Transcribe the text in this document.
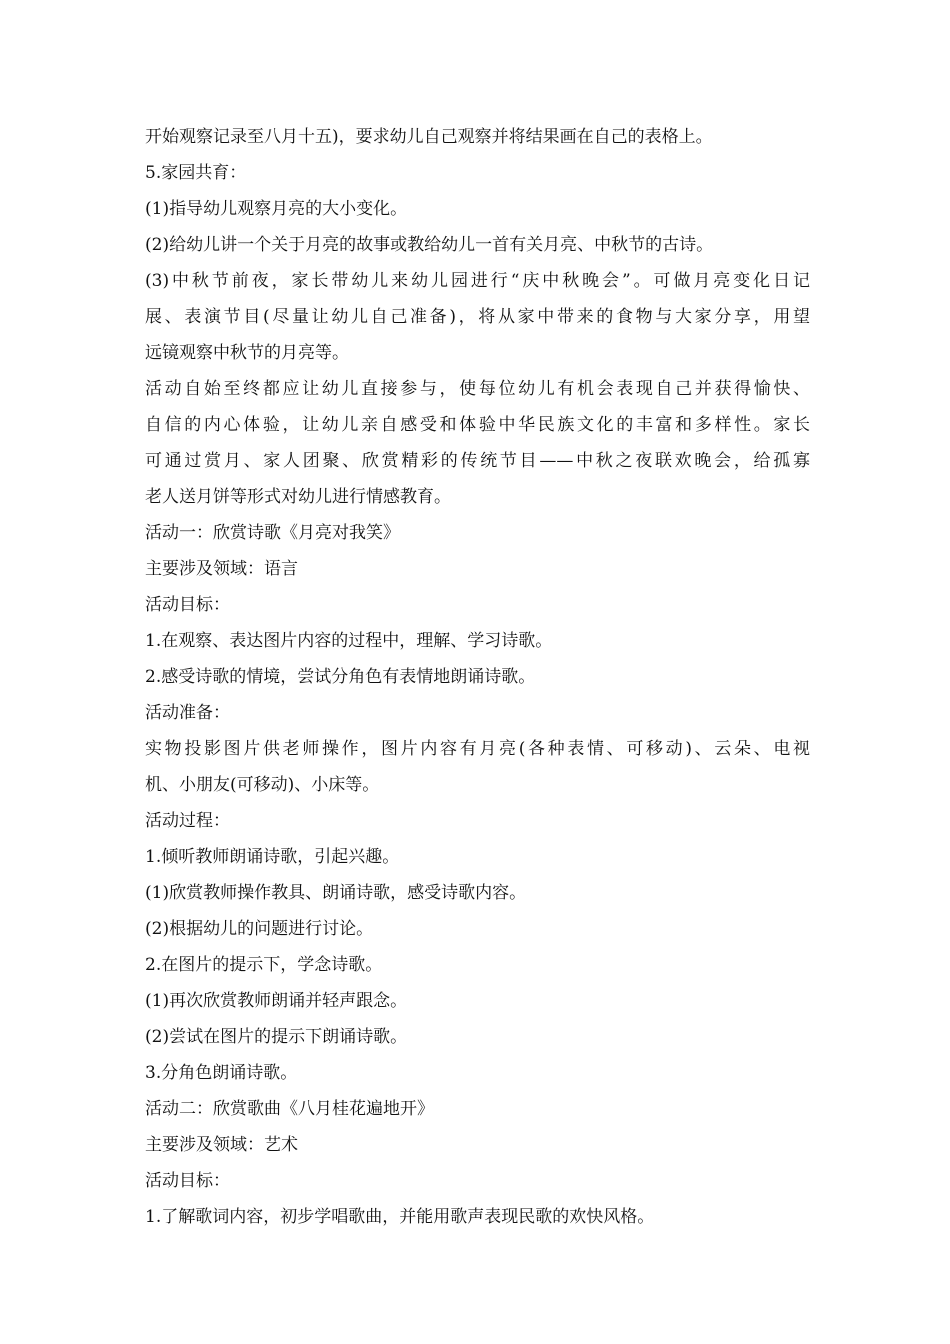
开始观察记录至八月十五)，要求幼儿自己观察并将结果画在自己的表格上。
5.家园共育：
(1)指导幼儿观察月亮的大小变化。
(2)给幼儿讲一个关于月亮的故事或教给幼儿一首有关月亮、中秋节的古诗。
(3)中秋节前夜，家长带幼儿来幼儿园进行“庆中秋晚会”。可做月亮变化日记
展、表演节目(尽量让幼儿自己准备)，将从家中带来的食物与大家分享，用望
远镜观察中秋节的月亮等。
活动自始至终都应让幼儿直接参与，使每位幼儿有机会表现自己并获得愉快、
自信的内心体验，让幼儿亲自感受和体验中华民族文化的丰富和多样性。家长
可通过赏月、家人团聚、欣赏精彩的传统节目——中秋之夜联欢晚会，给孤寡
老人送月饼等形式对幼儿进行情感教育。
活动一：欣赏诗歌《月亮对我笑》
主要涉及领域：语言
活动目标：
1.在观察、表达图片内容的过程中，理解、学习诗歌。
2.感受诗歌的情境，尝试分角色有表情地朗诵诗歌。
活动准备：
实物投影图片供老师操作，图片内容有月亮(各种表情、可移动)、云朵、电视
机、小朋友(可移动)、小床等。
活动过程：
1.倾听教师朗诵诗歌，引起兴趣。
(1)欣赏教师操作教具、朗诵诗歌，感受诗歌内容。
(2)根据幼儿的问题进行讨论。
2.在图片的提示下，学念诗歌。
(1)再次欣赏教师朗诵并轻声跟念。
(2)尝试在图片的提示下朗诵诗歌。
3.分角色朗诵诗歌。
活动二：欣赏歌曲《八月桂花遍地开》
主要涉及领域：艺术
活动目标：
1.了解歌词内容，初步学唱歌曲，并能用歌声表现民歌的欢快风格。
